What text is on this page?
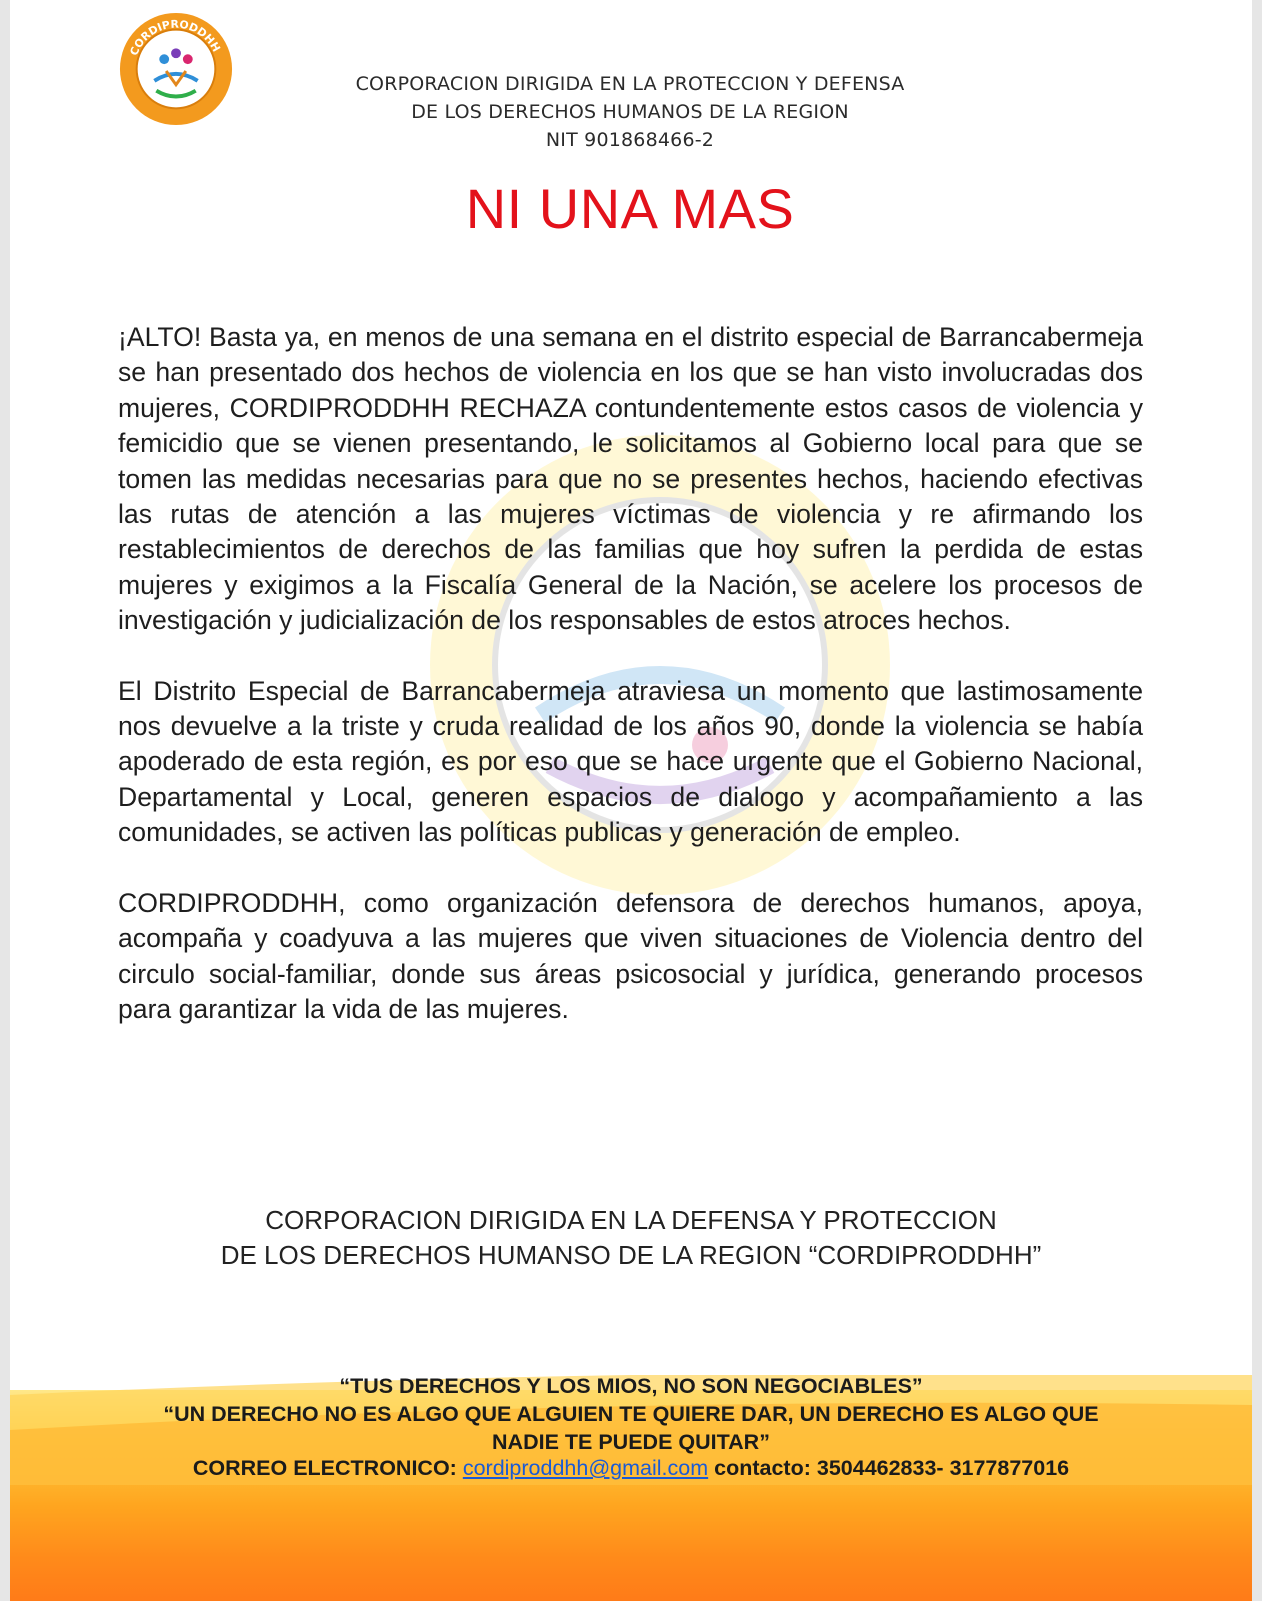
CORDIPRODDHH
CORPORACION DIRIGIDA EN LA PROTECCION Y DEFENSA
DE LOS DERECHOS HUMANOS DE LA REGION
NIT 901868466-2
NI UNA MAS

¡ALTO! Basta ya, en menos de una semana en el distrito especial de Barrancabermeja se han presentado dos hechos de violencia en los que se han visto involucradas dos mujeres, CORDIPRODDHH RECHAZA contundentemente estos casos de violencia y femicidio que se vienen presentando, le solicitamos al Gobierno local para que se tomen las medidas necesarias para que no se presentes hechos, haciendo efectivas las rutas de atención a las mujeres víctimas de violencia y re afirmando los restablecimientos de derechos de las familias que hoy sufren la perdida de estas mujeres y exigimos a la Fiscalía General de la Nación, se acelere los procesos de investigación y judicialización de los responsables de estos atroces hechos.

El Distrito Especial de Barrancabermeja atraviesa un momento que lastimosamente nos devuelve a la triste y cruda realidad de los años 90, donde la violencia se había apoderado de esta región, es por eso que se hace urgente que el Gobierno Nacional, Departamental y Local, generen espacios de dialogo y acompañamiento a las comunidades, se activen las políticas publicas y generación de empleo.

CORDIPRODDHH, como organización defensora de derechos humanos, apoya, acompaña y coadyuva a las mujeres que viven situaciones de Violencia dentro del circulo social-familiar, donde sus áreas psicosocial y jurídica, generando procesos para garantizar la vida de las mujeres.

CORPORACION DIRIGIDA EN LA DEFENSA Y PROTECCION
DE LOS DERECHOS HUMANSO DE LA REGION “CORDIPRODDHH”
“TUS DERECHOS Y LOS MIOS, NO SON NEGOCIABLES”
“UN DERECHO NO ES ALGO QUE ALGUIEN TE QUIERE DAR, UN DERECHO ES ALGO QUE
NADIE TE PUEDE QUITAR”
CORREO ELECTRONICO: cordiproddhh@gmail.com contacto: 3504462833- 3177877016
